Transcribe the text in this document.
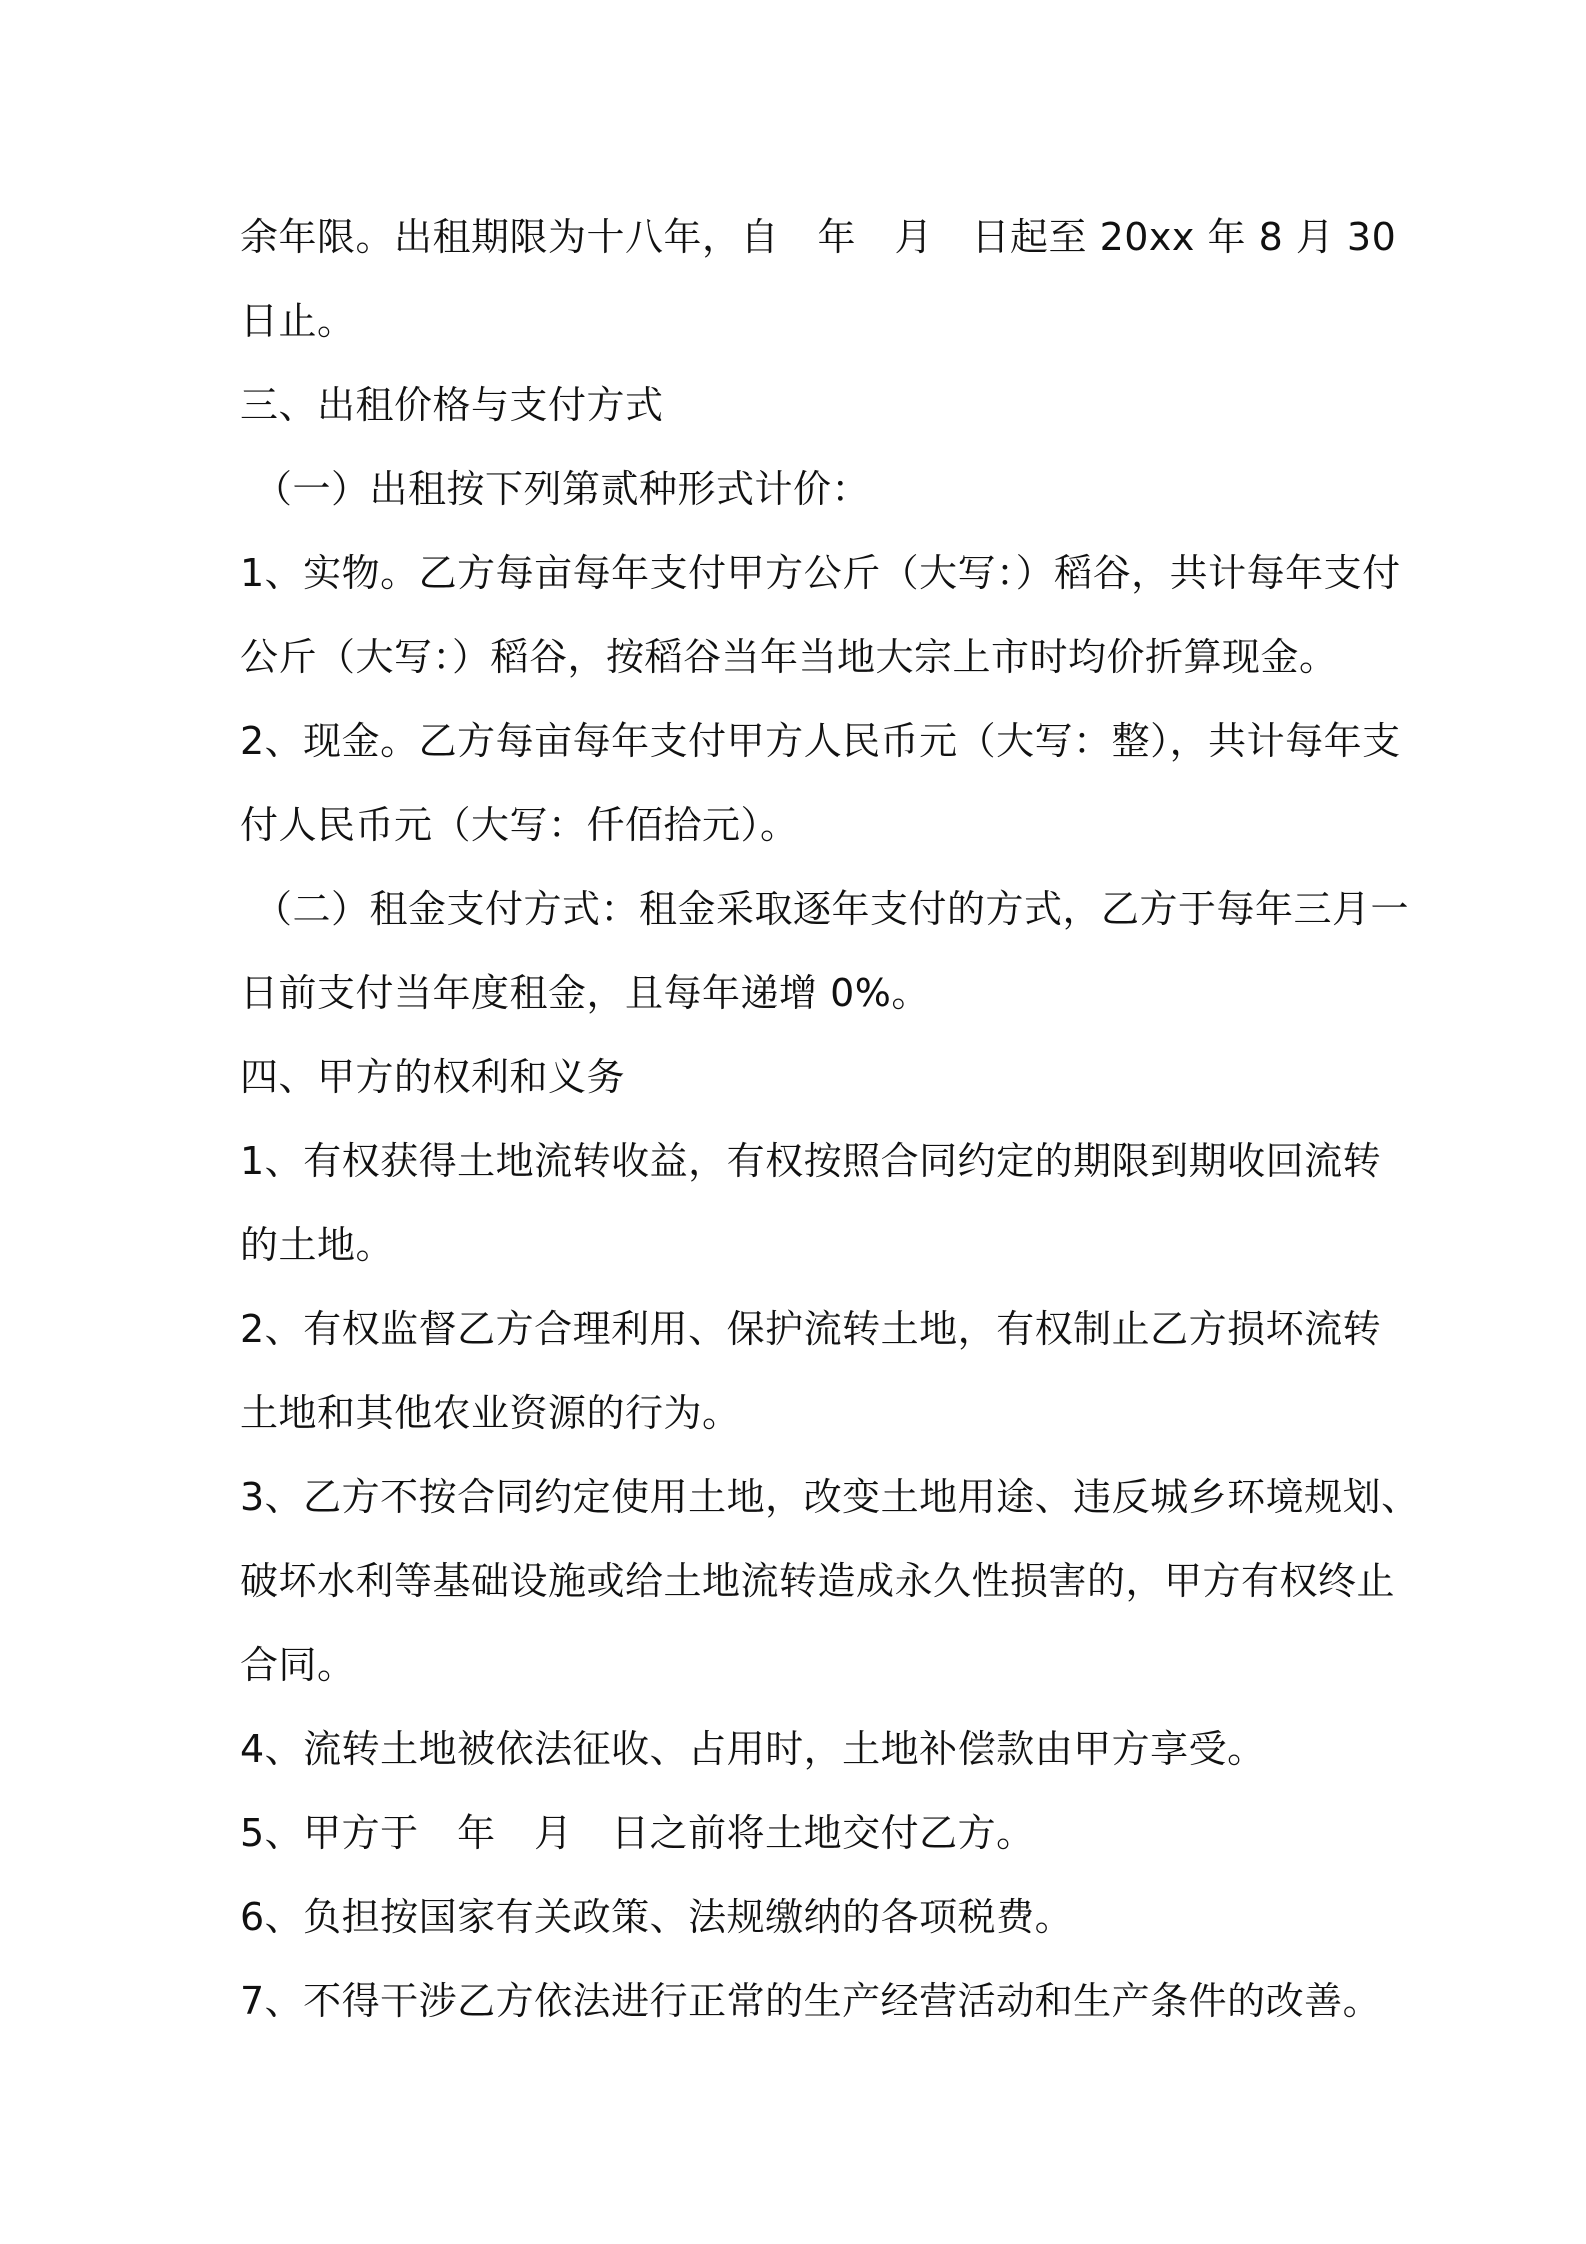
余年限。出租期限为十八年，自　年　月　日起至 20xx 年 8 月 30
日止。
三、出租价格与支付方式
（一）出租按下列第贰种形式计价：
1、实物。乙方每亩每年支付甲方公斤（大写：）稻谷，共计每年支付
公斤（大写：）稻谷，按稻谷当年当地大宗上市时均价折算现金。
2、现金。乙方每亩每年支付甲方人民币元（大写：整），共计每年支
付人民币元（大写：仟佰拾元）。
（二）租金支付方式：租金采取逐年支付的方式，乙方于每年三月一
日前支付当年度租金，且每年递增 0%。
四、甲方的权利和义务
1、有权获得土地流转收益，有权按照合同约定的期限到期收回流转
的土地。
2、有权监督乙方合理利用、保护流转土地，有权制止乙方损坏流转
土地和其他农业资源的行为。
3、乙方不按合同约定使用土地，改变土地用途、违反城乡环境规划、
破坏水利等基础设施或给土地流转造成永久性损害的，甲方有权终止
合同。
4、流转土地被依法征收、占用时，土地补偿款由甲方享受。
5、甲方于　年　月　日之前将土地交付乙方。
6、负担按国家有关政策、法规缴纳的各项税费。
7、不得干涉乙方依法进行正常的生产经营活动和生产条件的改善。
